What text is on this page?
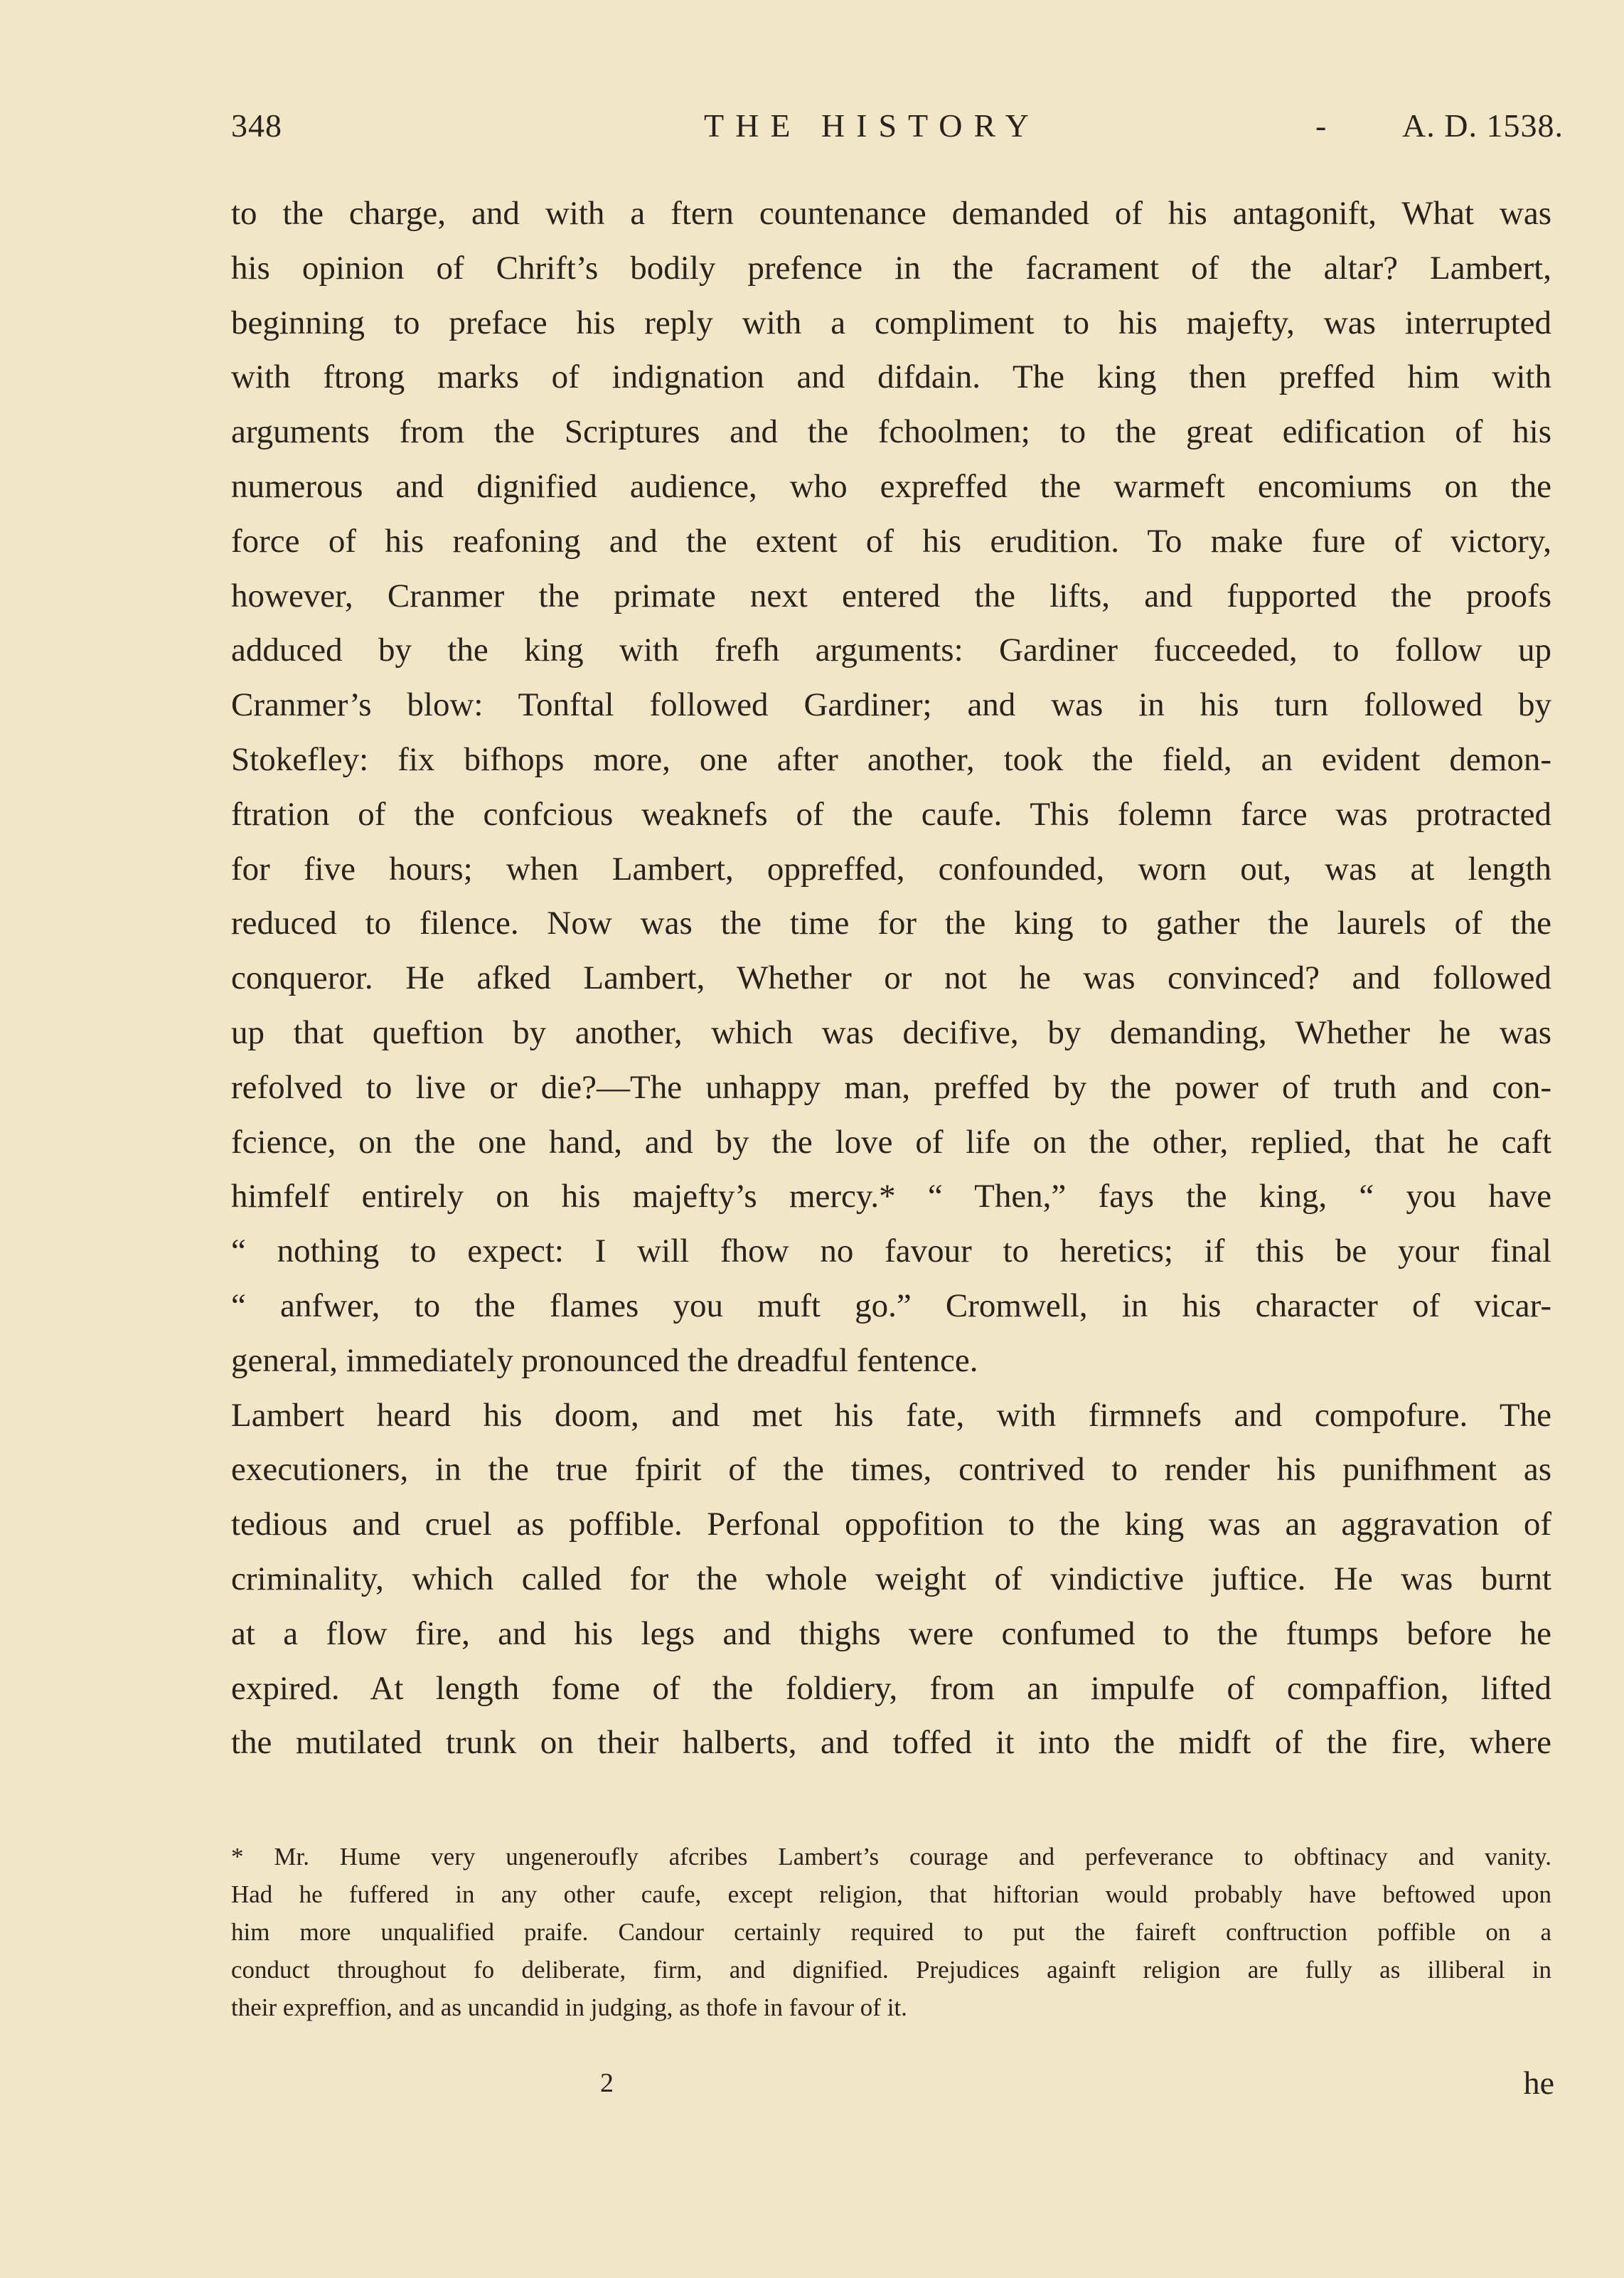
348	THE HISTORY	- A. D. 1538.
to the charge, and with a ftern countenance demanded of his antagonift, What was
his opinion of Chrift’s bodily prefence in the facrament of the altar? Lambert,
beginning to preface his reply with a compliment to his majefty, was interrupted
with ftrong marks of indignation and difdain. The king then preffed him with
arguments from the Scriptures and the fchoolmen; to the great edification of his
numerous and dignified audience, who expreffed the warmeft encomiums on the
force of his reafoning and the extent of his erudition. To make fure of victory,
however, Cranmer the primate next entered the lifts, and fupported the proofs
adduced by the king with frefh arguments: Gardiner fucceeded, to follow up
Cranmer’s blow: Tonftal followed Gardiner; and was in his turn followed by
Stokefley: fix bifhops more, one after another, took the field, an evident demon-
ftration of the confcious weaknefs of the caufe. This folemn farce was protracted
for five hours; when Lambert, oppreffed, confounded, worn out, was at length
reduced to filence. Now was the time for the king to gather the laurels of the
conqueror. He afked Lambert, Whether or not he was convinced? and followed
up that queftion by another, which was decifive, by demanding, Whether he was
refolved to live or die?—The unhappy man, preffed by the power of truth and con-
fcience, on the one hand, and by the love of life on the other, replied, that he caft
himfelf entirely on his majefty’s mercy.* “ Then,” fays the king, “ you have
“ nothing to expect: I will fhow no favour to heretics; if this be your final
“ anfwer, to the flames you muft go.” Cromwell, in his character of vicar-
general, immediately pronounced the dreadful fentence.
Lambert heard his doom, and met his fate, with firmnefs and compofure. The
executioners, in the true fpirit of the times, contrived to render his punifhment as
tedious and cruel as poffible. Perfonal oppofition to the king was an aggravation of
criminality, which called for the whole weight of vindictive juftice. He was burnt
at a flow fire, and his legs and thighs were confumed to the ftumps before he
expired. At length fome of the foldiery, from an impulfe of compaffion, lifted
the mutilated trunk on their halberts, and toffed it into the midft of the fire, where
* Mr. Hume very ungeneroufly afcribes Lambert’s courage and perfeverance to obftinacy and vanity.
Had he fuffered in any other caufe, except religion, that hiftorian would probably have beftowed upon
him more unqualified praife. Candour certainly required to put the faireft conftruction poffible on a
conduct throughout fo deliberate, firm, and dignified. Prejudices againft religion are fully as illiberal in
their expreffion, and as uncandid in judging, as thofe in favour of it.
2	he
